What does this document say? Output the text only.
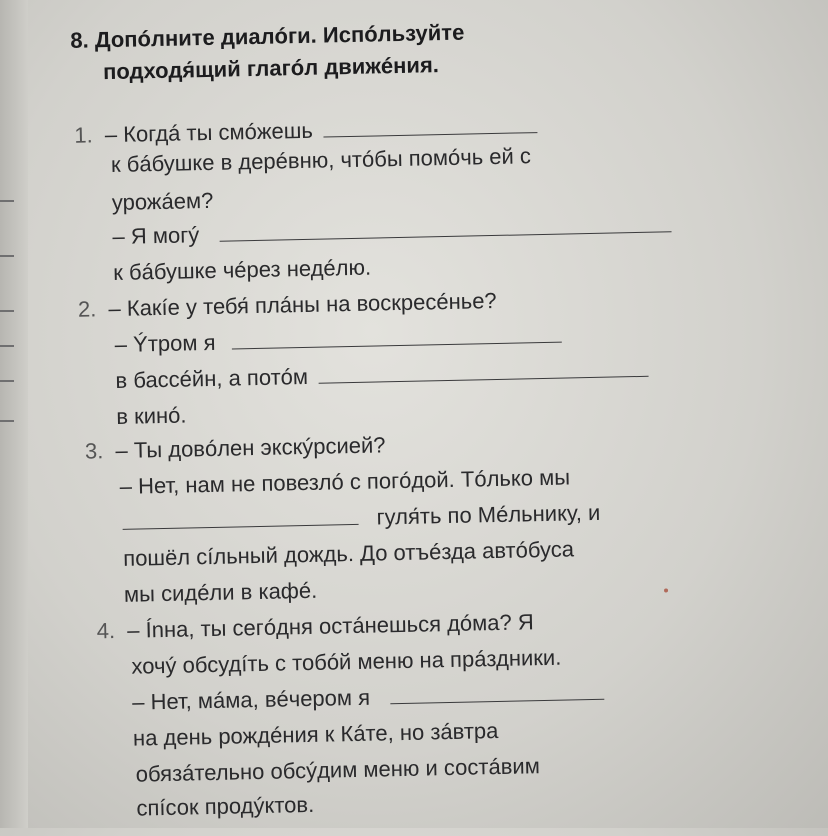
8. Допóлните диалóги. Испóльзуйте
подходя́щий глагóл движéния.
1. – Когдá ты смóжешь
к бáбушке в дерéвню, чтóбы помóчь ей с
урожáем?
– Я могý
к бáбушке чéрез недéлю.
2. – Какíе у тебя́ плáны на воскресéнье?
– Ýтром я
в бассéйн, а потóм
в кинó.
3. – Ты довóлен экскýрсией?
– Нет, нам не повезлó с погóдой. Тóлько мы
гуля́ть по Мéльнику, и
пошёл сíльный дождь. До отъéзда автóбуса
мы сидéли в кафé.
4. – Ínна, ты сегóдня остáнешься дóма? Я
хочý обсудíть с тобóй меню на прáздники.
– Нет, мáма, вéчером я
на день рождéния к Кáте, но зáвтра
обязáтельно обсýдим меню и состáвим
спíсок продýктов.
